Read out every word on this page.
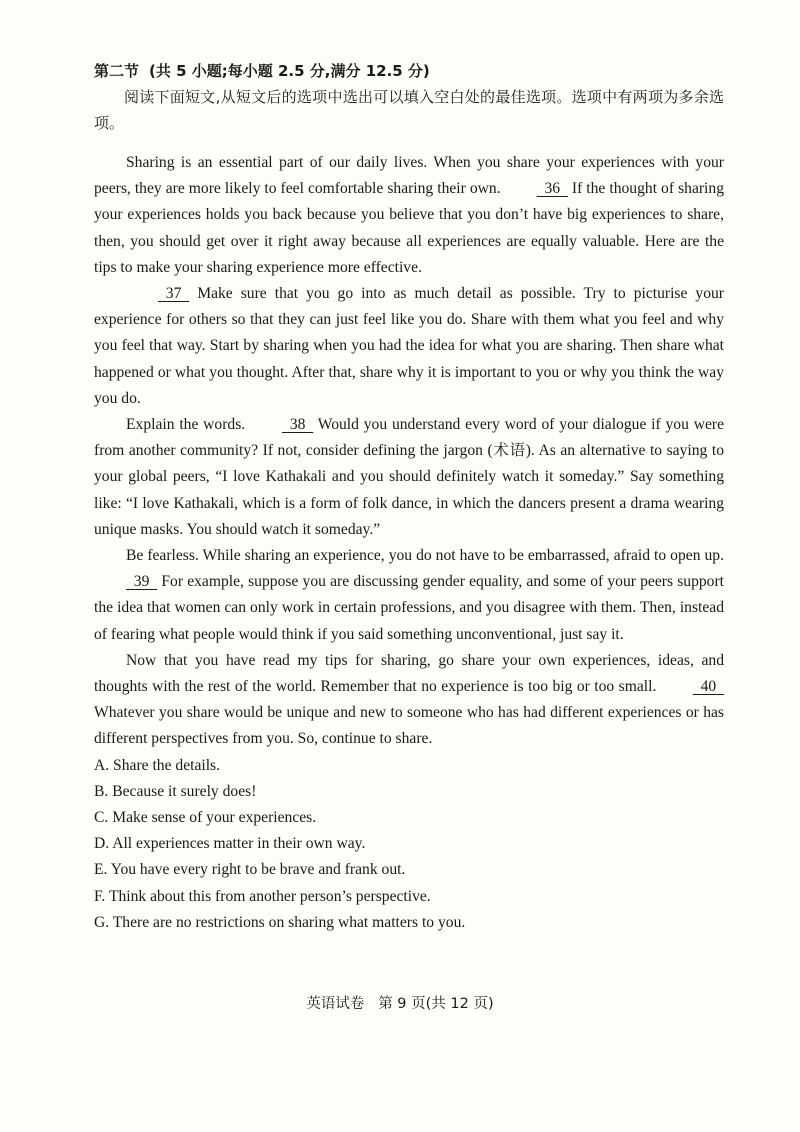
第二节 (共 5 小题;每小题 2.5 分,满分 12.5 分)

阅读下面短文,从短文后的选项中选出可以填入空白处的最佳选项。选项中有两项为多余选项。

Sharing is an essential part of our daily lives. When you share your experiences with your peers, they are more likely to feel comfortable sharing their own.	36   If the thought of sharing your experiences holds you back because you believe that you don’t have big experiences to share, then, you should get over it right away because all experiences are equally valuable. Here are the tips to make your sharing experience more effective.

37   Make sure that you go into as much detail as possible. Try to picturise your experience for others so that they can just feel like you do. Share with them what you feel and why you feel that way. Start by sharing when you had the idea for what you are sharing. Then share what happened or what you thought. After that, share why it is important to you or why you think the way you do.

Explain the words.	38   Would you understand every word of your dialogue if you were from another community? If not, consider defining the jargon (术语). As an alternative to saying to your global peers, “I love Kathakali and you should definitely watch it someday.” Say something like: “I love Kathakali, which is a form of folk dance, in which the dancers present a drama wearing unique masks. You should watch it someday.”

Be fearless. While sharing an experience, you do not have to be embarrassed, afraid to open up.   39   For example, suppose you are discussing gender equality, and some of your peers support the idea that women can only work in certain professions, and you disagree with them. Then, instead of fearing what people would think if you said something unconventional, just say it.

Now that you have read my tips for sharing, go share your own experiences, ideas, and thoughts with the rest of the world. Remember that no experience is too big or too small.	40   Whatever you share would be unique and new to someone who has had different experiences or has different perspectives from you. So, continue to share.

A. Share the details.

B. Because it surely does!

C. Make sense of your experiences.

D. All experiences matter in their own way.

E. You have every right to be brave and frank out.

F. Think about this from another person’s perspective.

G. There are no restrictions on sharing what matters to you.

英语试卷 第 9 页(共 12 页)
